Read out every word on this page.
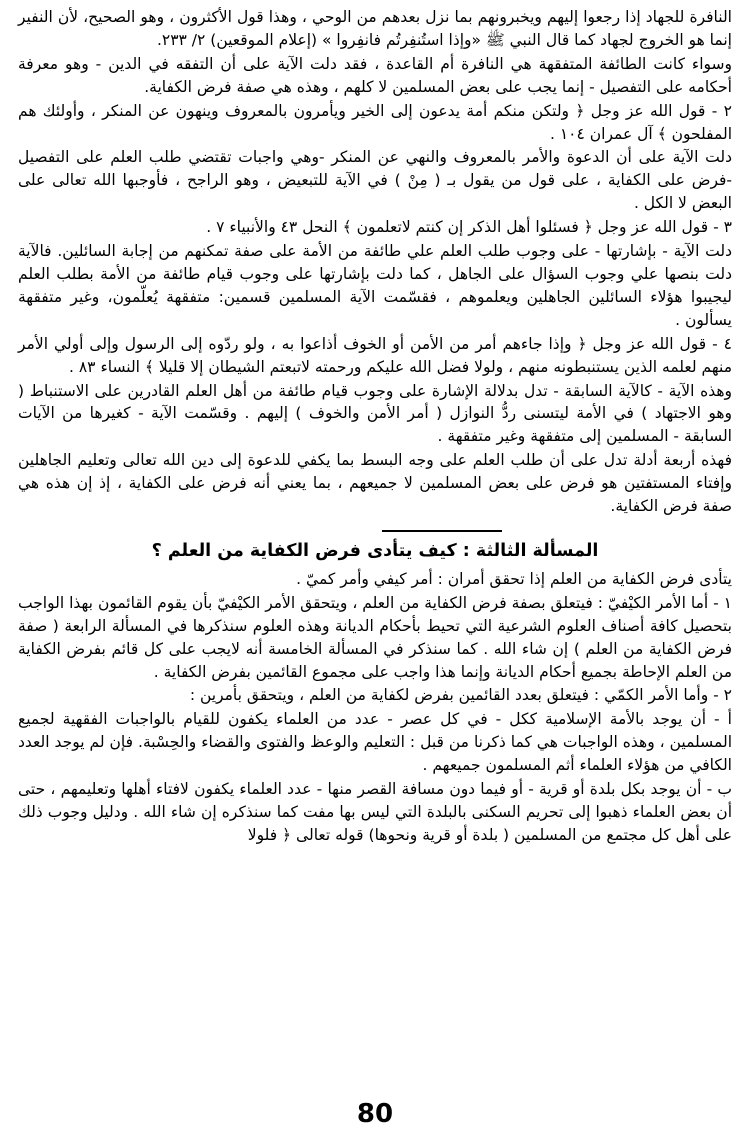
النافرة للجهاد إذا رجعوا إليهم ويخبرونهم بما نزل بعدهم من الوحي ، وهذا قول الأكثرون ، وهو الصحيح، لأن النفير إنما هو الخروج لجهاد كما قال النبي ﷺ «وإذا استُنفِرتُم فانفِروا » (إعلام الموقعين) ٢/ ٢٣٣.

وسواء كانت الطائفة المتفقهة هي النافرة أم القاعدة ، فقد دلت الآية على أن التفقه في الدين - وهو معرفة أحكامه على التفصيل - إنما يجب على بعض المسلمين لا كلهم ، وهذه هي صفة فرض الكفاية.

٢ - قول الله عز وجل ﴿ ولتكن منكم أمة يدعون إلى الخير ويأمرون بالمعروف وينهون عن المنكر ، وأولئك هم المفلحون ﴾ آل عمران ١٠٤ .

دلت الآية على أن الدعوة والأمر بالمعروف والنهي عن المنكر -وهي واجبات تقتضي طلب العلم على التفصيل -فرض على الكفاية ، على قول من يقول بـ ( مِنْ ) في الآية للتبعيض ، وهو الراجح ، فأوجبها الله تعالى على البعض لا الكل .

٣ - قول الله عز وجل ﴿ فسئلوا أهل الذكر إن كنتم لاتعلمون ﴾ النحل ٤٣ والأنبياء ٧ .

دلت الآية - بإشارتها - على وجوب طلب العلم علي طائفة من الأمة على صفة تمكنهم من إجابة السائلين. فالآية دلت بنصها علي وجوب السؤال على الجاهل ، كما دلت بإشارتها على وجوب قيام طائفة من الأمة بطلب العلم ليجيبوا هؤلاء السائلين الجاهلين ويعلموهم ، فقسّمت الآية المسلمين قسمين: متفقهة يُعلّمون، وغير متفقهة يسألون .

٤ - قول الله عز وجل ﴿ وإذا جاءهم أمر من الأمن أو الخوف أذاعوا به ، ولو ردّوه إلى الرسول وإلى أولي الأمر منهم لعلمه الذين يستنبطونه منهم ، ولولا فضل الله عليكم ورحمته لاتبعتم الشيطان إلا قليلا ﴾ النساء ٨٣ .

وهذه الآية - كالآية السابقة - تدل بدلالة الإشارة على وجوب قيام طائفة من أهل العلم القادرين على الاستنباط ( وهو الاجتهاد ) في الأمة ليتسنى ردُّ النوازل ( أمر الأمن والخوف ) إليهم . وقسّمت الآية - كغيرها من الآيات السابقة - المسلمين إلى متفقهة وغير متفقهة .

فهذه أربعة أدلة تدل على أن طلب العلم على وجه البسط بما يكفي للدعوة إلى دين الله تعالى وتعليم الجاهلين وإفتاء المستفتين هو فرض على بعض المسلمين لا جميعهم ، بما يعني أنه فرض على الكفاية ، إذ إن هذه هي صفة فرض الكفاية.

المسألة الثالثة : كيف يتأدى فرض الكفاية من العلم ؟

يتأدى فرض الكفاية من العلم إذا تحقق أمران : أمر كيفي وأمر كميّ .

١ - أما الأمر الكيْفيّ : فيتعلق بصفة فرض الكفاية من العلم ، ويتحقق الأمر الكيْفيّ بأن يقوم القائمون بهذا الواجب بتحصيل كافة أصناف العلوم الشرعية التي تحيط بأحكام الديانة وهذه العلوم سنذكرها في المسألة الرابعة ( صفة فرض الكفاية من العلم ) إن شاء الله . كما سنذكر في المسألة الخامسة أنه لايجب على كل قائم بفرض الكفاية من العلم الإحاطة بجميع أحكام الديانة وإنما هذا واجب على مجموع القائمين بفرض الكفاية .

٢ - وأما الأمر الكمّي : فيتعلق بعدد القائمين بفرض لكفاية من العلم ، ويتحقق بأمرين :

أ - أن يوجد بالأمة الإسلامية ككل - في كل عصر - عدد من العلماء يكفون للقيام بالواجبات الفقهية لجميع المسلمين ، وهذه الواجبات هي كما ذكرنا من قبل : التعليم والوعظ والفتوى والقضاء والحِسْبة. فإن لم يوجد العدد الكافي من هؤلاء العلماء أثم المسلمون جميعهم .

ب - أن يوجد بكل بلدة أو قرية - أو فيما دون مسافة القصر منها - عدد العلماء يكفون لافتاء أهلها وتعليمهم ، حتى أن بعض العلماء ذهبوا إلى تحريم السكنى بالبلدة التي ليس بها مفت كما سنذكره إن شاء الله . ودليل وجوب ذلك على أهل كل مجتمع من المسلمين ( بلدة أو قرية ونحوها) قوله تعالى ﴿ فلولا

80
